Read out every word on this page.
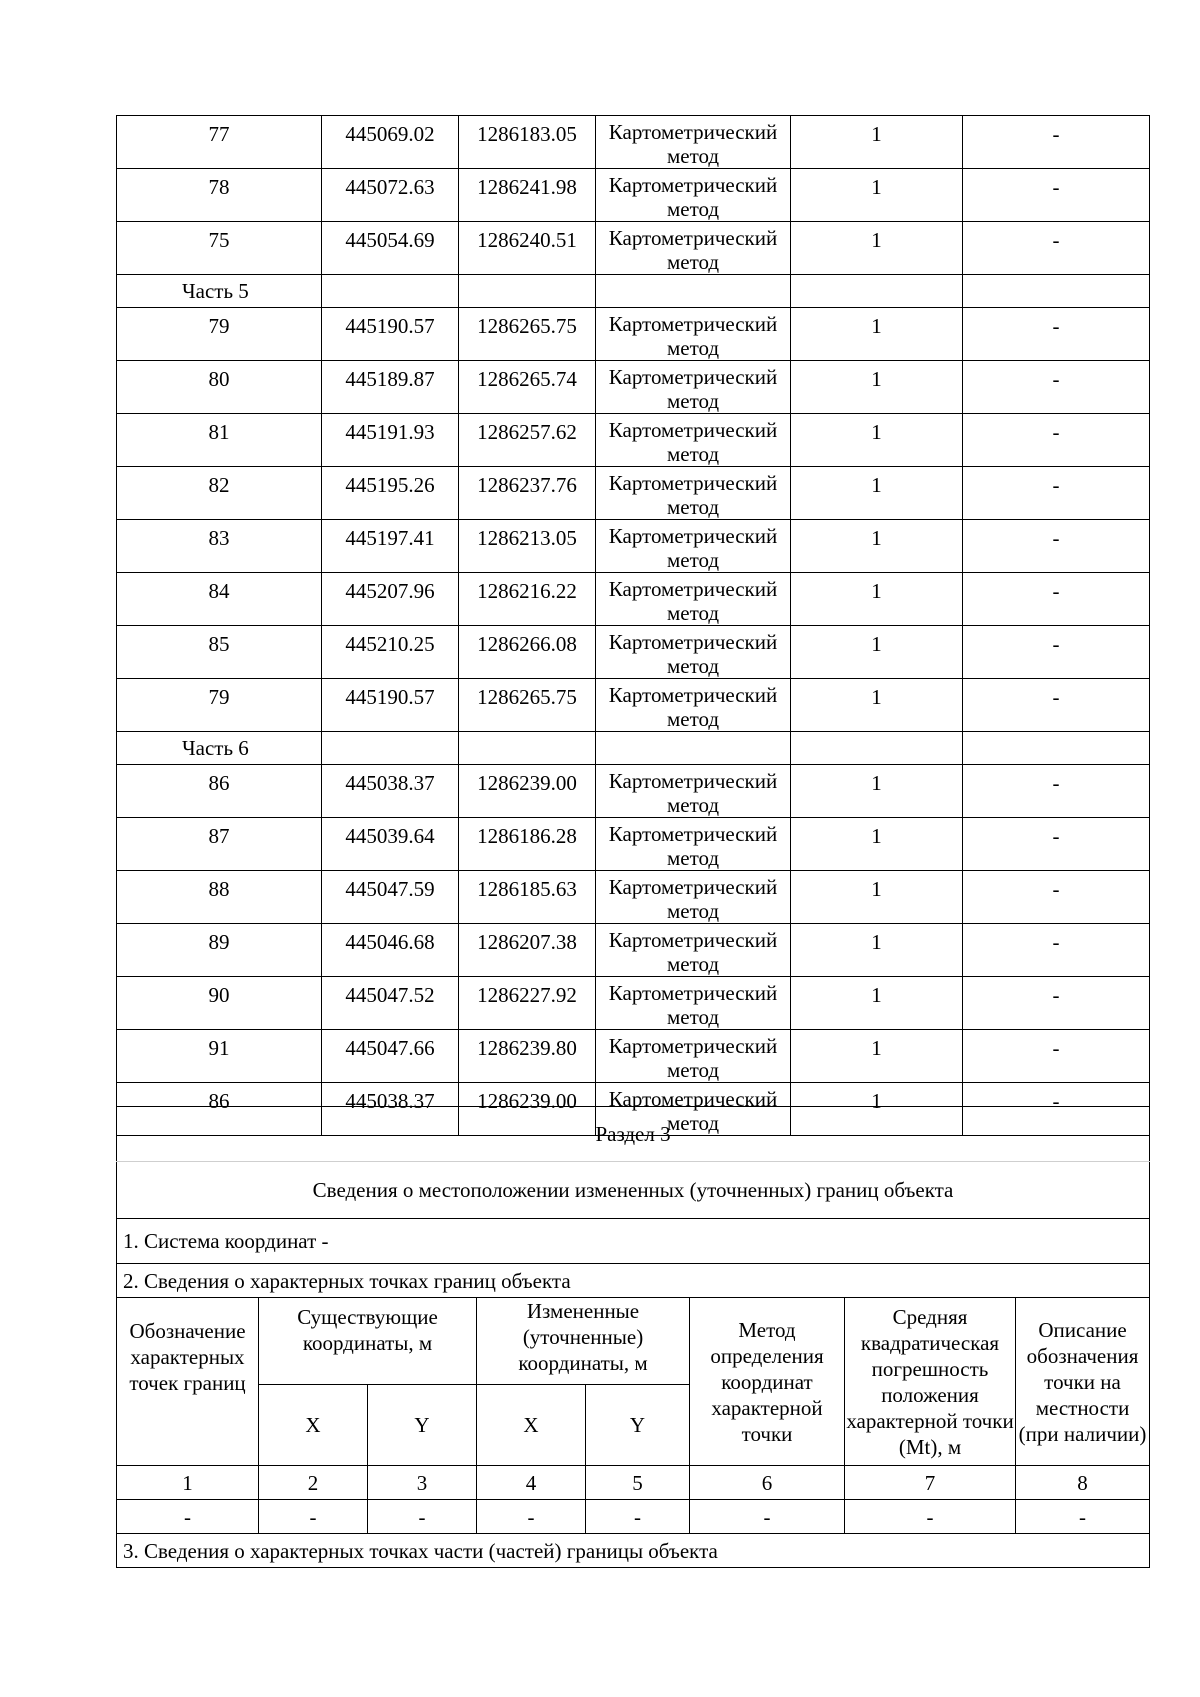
77	445069.02	1286183.05	Картометрический метод	1	-
78	445072.63	1286241.98	Картометрический метод	1	-
75	445054.69	1286240.51	Картометрический метод	1	-
Часть 5					
79	445190.57	1286265.75	Картометрический метод	1	-
80	445189.87	1286265.74	Картометрический метод	1	-
81	445191.93	1286257.62	Картометрический метод	1	-
82	445195.26	1286237.76	Картометрический метод	1	-
83	445197.41	1286213.05	Картометрический метод	1	-
84	445207.96	1286216.22	Картометрический метод	1	-
85	445210.25	1286266.08	Картометрический метод	1	-
79	445190.57	1286265.75	Картометрический метод	1	-
Часть 6					
86	445038.37	1286239.00	Картометрический метод	1	-
87	445039.64	1286186.28	Картометрический метод	1	-
88	445047.59	1286185.63	Картометрический метод	1	-
89	445046.68	1286207.38	Картометрический метод	1	-
90	445047.52	1286227.92	Картометрический метод	1	-
91	445047.66	1286239.80	Картометрический метод	1	-
86	445038.37	1286239.00	Картометрический метод	1	-
Раздел 3							
Сведения о местоположении измененных (уточненных) границ объекта							
1. Система координат -							
2. Сведения о характерных точках границ объекта							
Обозначение характерных точек границ	Существующие координаты, м		Измененные (уточненные) координаты, м		Метод определения координат характерной точки	Средняя квадратическая погрешность положения характерной точки (Mt), м	Описание обозначения точки на местности (при наличии)
	X	Y	X	Y			
1	2	3	4	5	6	7	8
-	-	-	-	-	-	-	-
3. Сведения о характерных точках части (частей) границы объекта							
